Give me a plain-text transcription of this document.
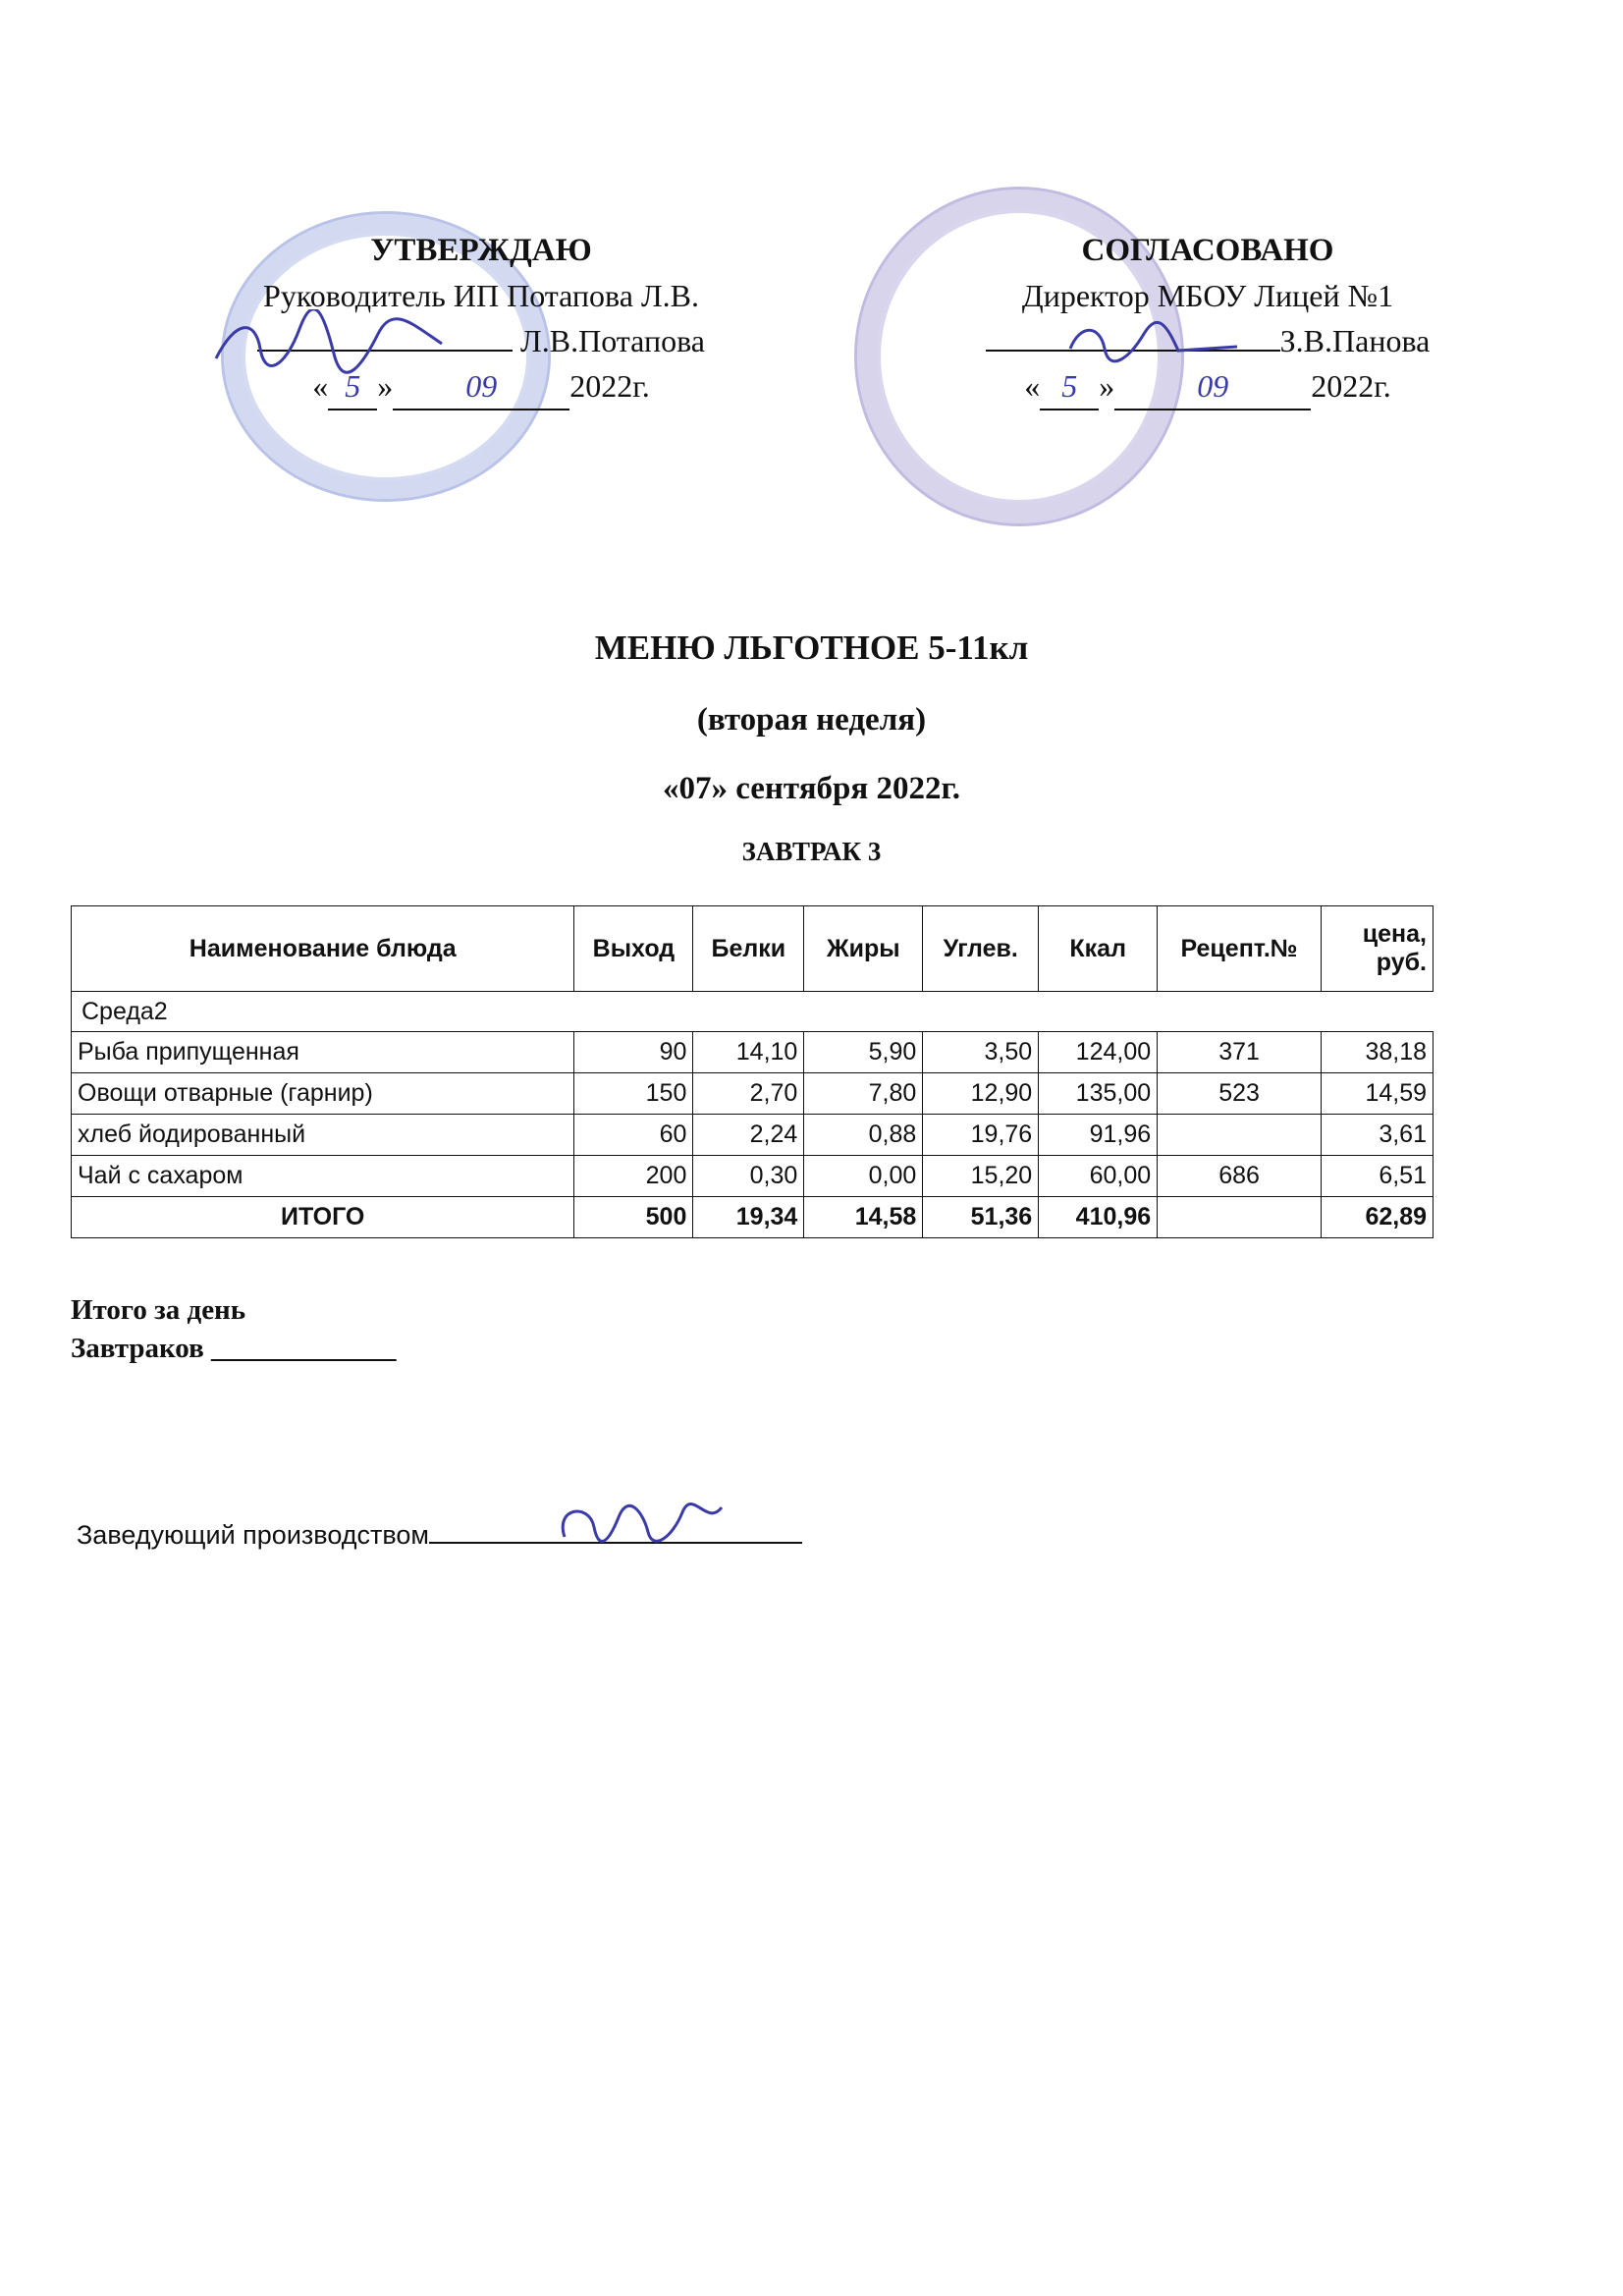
УТВЕРЖДАЮ
Руководитель ИП Потапова Л.В.
Л.В.Потапова
« 5 » 09 2022г.
СОГЛАСОВАНО
Директор МБОУ Лицей №1
З.В.Панова
« 5 »	09	2022г.
МЕНЮ ЛЬГОТНОЕ 5-11кл
(вторая неделя)
«07» сентября 2022г.
ЗАВТРАК 3
Наименование блюда	Выход	Белки	Жиры	Углев.	Ккал	Рецепт.№	цена, руб.
Среда2							
Рыба припущенная	90	14,10	5,90	3,50	124,00	371	38,18
Овощи отварные (гарнир)	150	2,70	7,80	12,90	135,00	523	14,59
хлеб йодированный	60	2,24	0,88	19,76	91,96		3,61
Чай с сахаром	200	0,30	0,00	15,20	60,00	686	6,51
ИТОГО	500	19,34	14,58	51,36	410,96		62,89
Итого за день
Завтраков _____________
Заведующий производством
